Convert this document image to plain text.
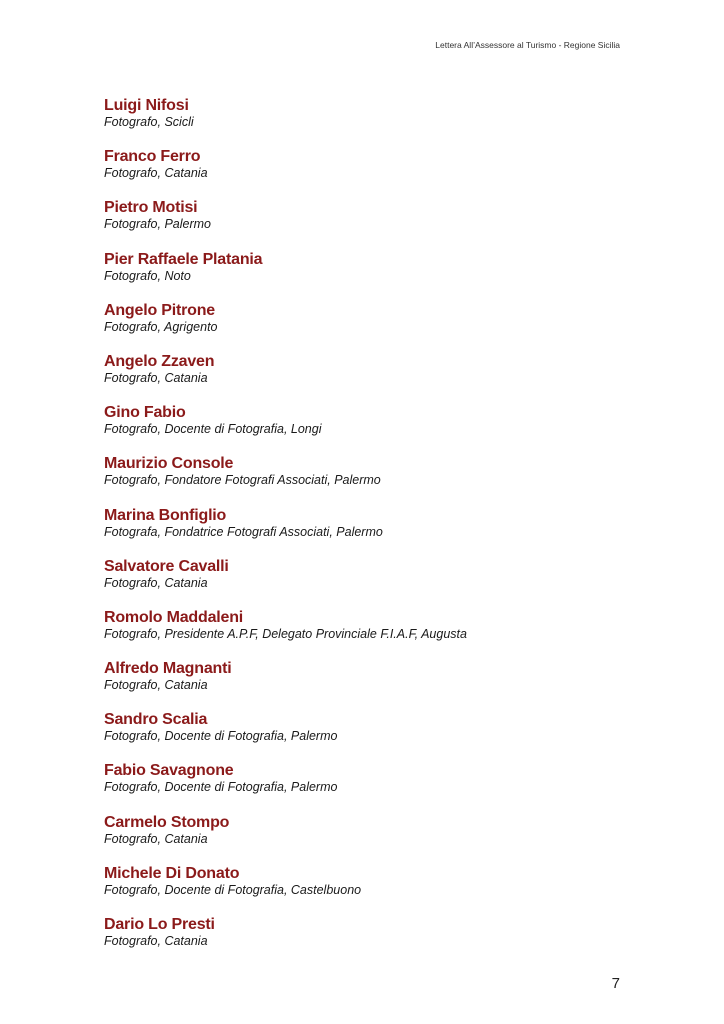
Lettera All’Assessore al Turismo - Regione Sicilia
Luigi Nifosi
Fotografo, Scicli
Franco Ferro
Fotografo, Catania
Pietro Motisi
Fotografo, Palermo
Pier Raffaele Platania
Fotografo, Noto
Angelo Pitrone
Fotografo, Agrigento
Angelo Zzaven
Fotografo, Catania
Gino Fabio
Fotografo, Docente di Fotografia, Longi
Maurizio Console
Fotografo, Fondatore Fotografi Associati, Palermo
Marina Bonfiglio
Fotografa, Fondatrice Fotografi Associati, Palermo
Salvatore Cavalli
Fotografo, Catania
Romolo Maddaleni
Fotografo, Presidente A.P.F, Delegato Provinciale F.I.A.F, Augusta
Alfredo Magnanti
Fotografo, Catania
Sandro Scalia
Fotografo, Docente di Fotografia, Palermo
Fabio Savagnone
Fotografo, Docente di Fotografia, Palermo
Carmelo Stompo
Fotografo, Catania
Michele Di Donato
Fotografo, Docente di Fotografia, Castelbuono
Dario Lo Presti
Fotografo, Catania
7
